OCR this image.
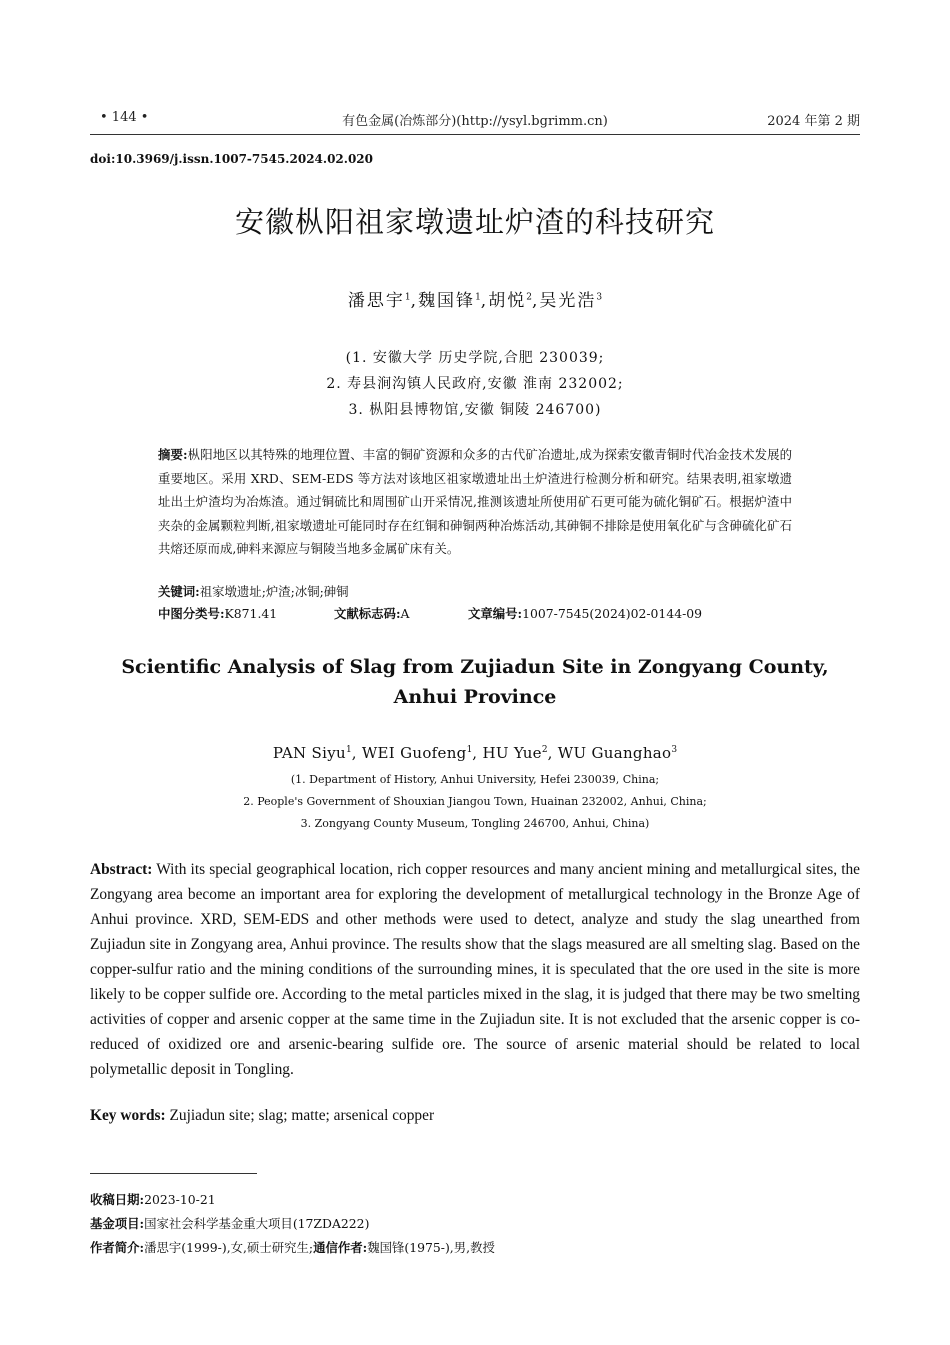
• 144 •	有色金属(冶炼部分)(http://ysyl.bgrimm.cn)	2024 年第 2 期
doi:10.3969/j.issn.1007-7545.2024.02.020
安徽枞阳祖家墩遗址炉渣的科技研究
潘思宇$^1$,魏国锋$^1$,胡悦$^2$,吴光浩$^3$
(1. 安徽大学 历史学院,合肥 230039;
2. 寿县涧沟镇人民政府,安徽 淮南 232002;
3. 枞阳县博物馆,安徽 铜陵 246700)
摘要:枞阳地区以其特殊的地理位置、丰富的铜矿资源和众多的古代矿冶遗址,成为探索安徽青铜时代冶金技术发展的重要地区。采用 XRD、SEM-EDS 等方法对该地区祖家墩遗址出土炉渣进行检测分析和研究。结果表明,祖家墩遗址出土炉渣均为冶炼渣。通过铜硫比和周围矿山开采情况,推测该遗址所使用矿石更可能为硫化铜矿石。根据炉渣中夹杂的金属颗粒判断,祖家墩遗址可能同时存在红铜和砷铜两种冶炼活动,其砷铜不排除是使用氧化矿与含砷硫化矿石共熔还原而成,砷料来源应与铜陵当地多金属矿床有关。
关键词:祖家墩遗址;炉渣;冰铜;砷铜
中图分类号:K871.41	文献标志码:A	文章编号:1007-7545(2024)02-0144-09
Scientific Analysis of Slag from Zujiadun Site in Zongyang County,
Anhui Province
PAN Siyu$^1$, WEI Guofeng$^1$, HU Yue$^2$, WU Guanghao$^3$
(1. Department of History, Anhui University, Hefei 230039, China;
2. People's Government of Shouxian Jiangou Town, Huainan 232002, Anhui, China;
3. Zongyang County Museum, Tongling 246700, Anhui, China)
Abstract: With its special geographical location, rich copper resources and many ancient mining and metallurgical sites, the Zongyang area become an important area for exploring the development of metallurgical technology in the Bronze Age of Anhui province. XRD, SEM-EDS and other methods were used to detect, analyze and study the slag unearthed from Zujiadun site in Zongyang area, Anhui province. The results show that the slags measured are all smelting slag. Based on the copper-sulfur ratio and the mining conditions of the surrounding mines, it is speculated that the ore used in the site is more likely to be copper sulfide ore. According to the metal particles mixed in the slag, it is judged that there may be two smelting activities of copper and arsenic copper at the same time in the Zujiadun site. It is not excluded that the arsenic copper is co-reduced of oxidized ore and arsenic-bearing sulfide ore. The source of arsenic material should be related to local polymetallic deposit in Tongling.
Key words: Zujiadun site; slag; matte; arsenical copper
收稿日期:2023-10-21
基金项目:国家社会科学基金重大项目(17ZDA222)
作者简介:潘思宇(1999-),女,硕士研究生;通信作者:魏国锋(1975-),男,教授
